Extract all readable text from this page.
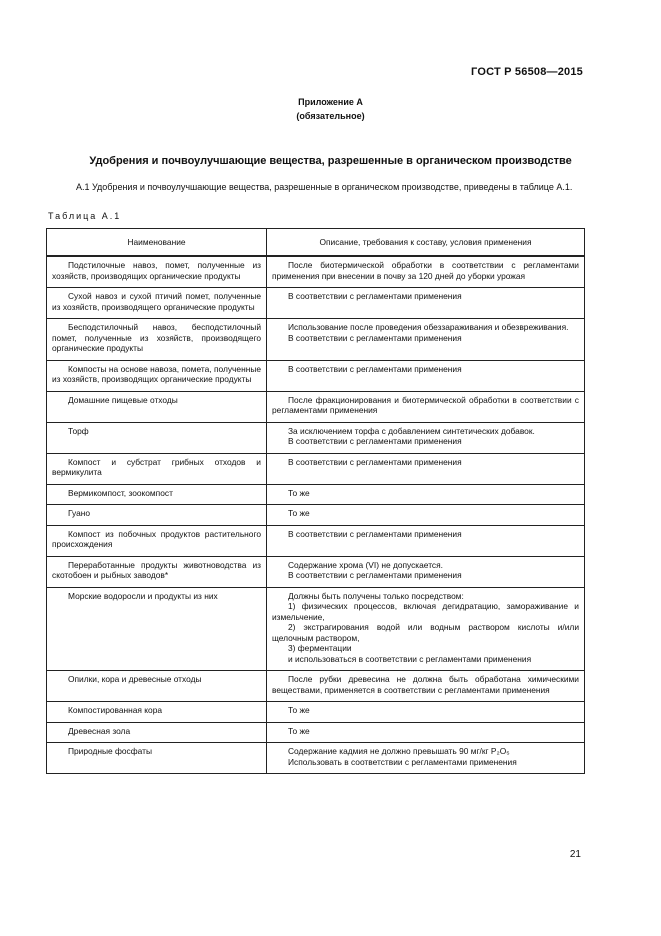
ГОСТ Р 56508—2015
Приложение А
(обязательное)
Удобрения и почвоулучшающие вещества, разрешенные в органическом производстве
А.1 Удобрения и почвоулучшающие вещества, разрешенные в органическом производстве, приведены в таблице А.1.
Таблица А.1
Наименование	Описание, требования к составу, условия применения

Подстилочные навоз, помет, полученные из хозяйств, производящих органические продукты	После биотермической обработки в соответствии с регламентами применения при внесении в почву за 120 дней до уборки урожая

Сухой навоз и сухой птичий помет, полученные из хозяйств, производящего органические продукты	В соответствии с регламентами применения

Бесподстилочный навоз, бесподстилочный помет, полученные из хозяйств, производящего органические продукты	Использование после проведения обеззараживания и обезвреживания.
В соответствии с регламентами применения

Компосты на основе навоза, помета, полученные из хозяйств, производящих органические продукты	В соответствии с регламентами применения

Домашние пищевые отходы	После фракционирования и биотермической обработки в соответствии с регламентами применения

Торф	За исключением торфа с добавлением синтетических добавок.
В соответствии с регламентами применения

Компост и субстрат грибных отходов и вермикулита	В соответствии с регламентами применения

Вермикомпост, зоокомпост	То же

Гуано	То же

Компост из побочных продуктов растительного происхождения	В соответствии с регламентами применения

Переработанные продукты животноводства из скотобоен и рыбных заводов*	Содержание хрома (VI) не допускается.
В соответствии с регламентами применения

Морские водоросли и продукты из них	Должны быть получены только посредством:
1) физических процессов, включая дегидратацию, замораживание и измельчение,
2) экстрагирования водой или водным раствором кислоты и/или щелочным раствором,
3) ферментации
и использоваться в соответствии с регламентами применения

Опилки, кора и древесные отходы	После рубки древесина не должна быть обработана химическими веществами, применяется в соответствии с регламентами применения

Компостированная кора	То же

Древесная зола	То же

Природные фосфаты	Содержание кадмия не должно превышать 90 мг/кг P₂O₅
Использовать в соответствии с регламентами применения
21
